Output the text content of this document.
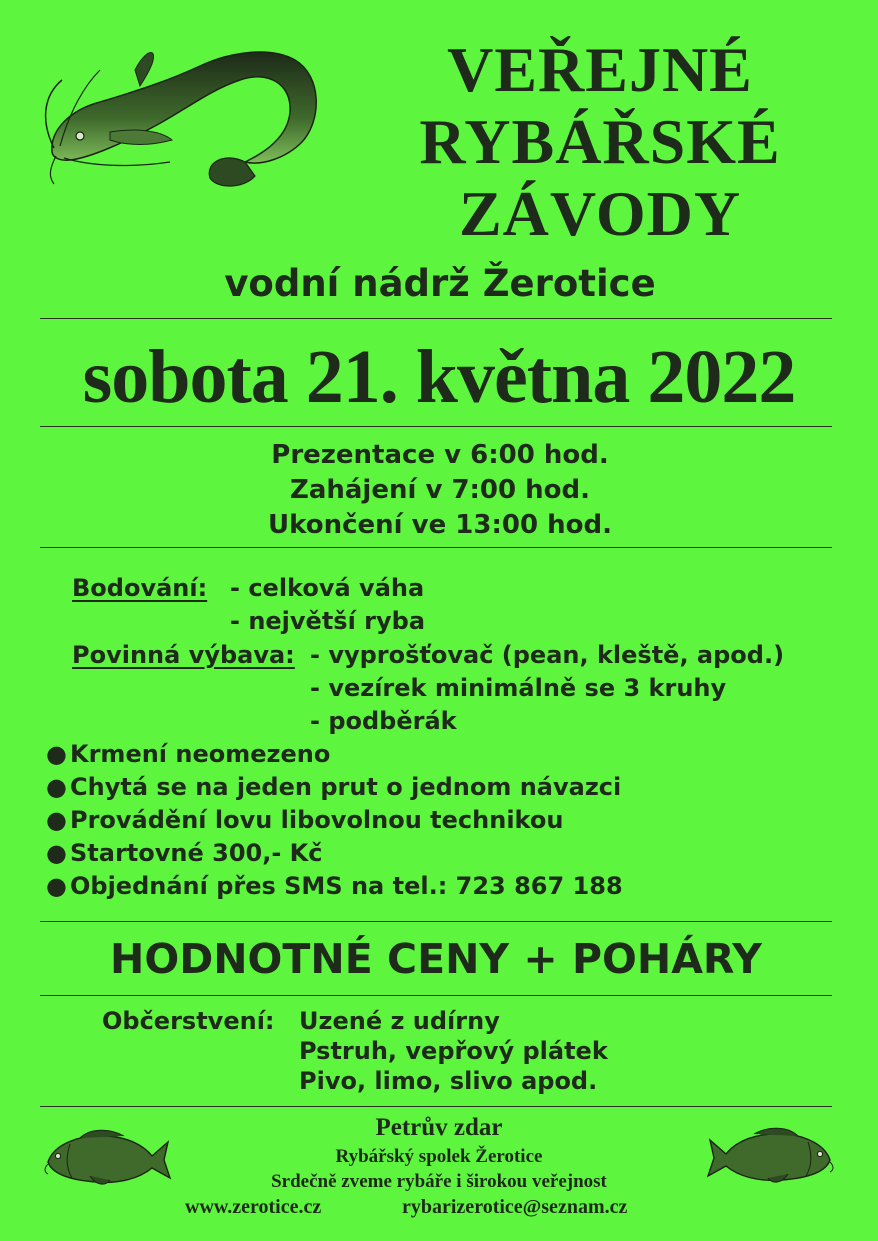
VEŘEJNÉ
RYBÁŘSKÉ
ZÁVODY
vodní nádrž Žerotice
sobota 21. května 2022
Prezentace v 6:00 hod.
Zahájení v 7:00 hod.
Ukončení ve 13:00 hod.
Bodování: - celková váha
- největší ryba
Povinná výbava: - vyprošťovač (pean, kleště, apod.)
- vezírek minimálně se 3 kruhy
- podběrák
● Krmení neomezeno
● Chytá se na jeden prut o jednom návazci
● Provádění lovu libovolnou technikou
● Startovné 300,- Kč
● Objednání přes SMS na tel.: 723 867 188
HODNOTNÉ CENY + POHÁRY
Občerstvení: Uzené z udírny
Pstruh, vepřový plátek
Pivo, limo, slivo apod.
Petrův zdar
Rybářský spolek Žerotice
Srdečně zveme rybáře i širokou veřejnost
www.zerotice.cz	rybarizerotice@seznam.cz
